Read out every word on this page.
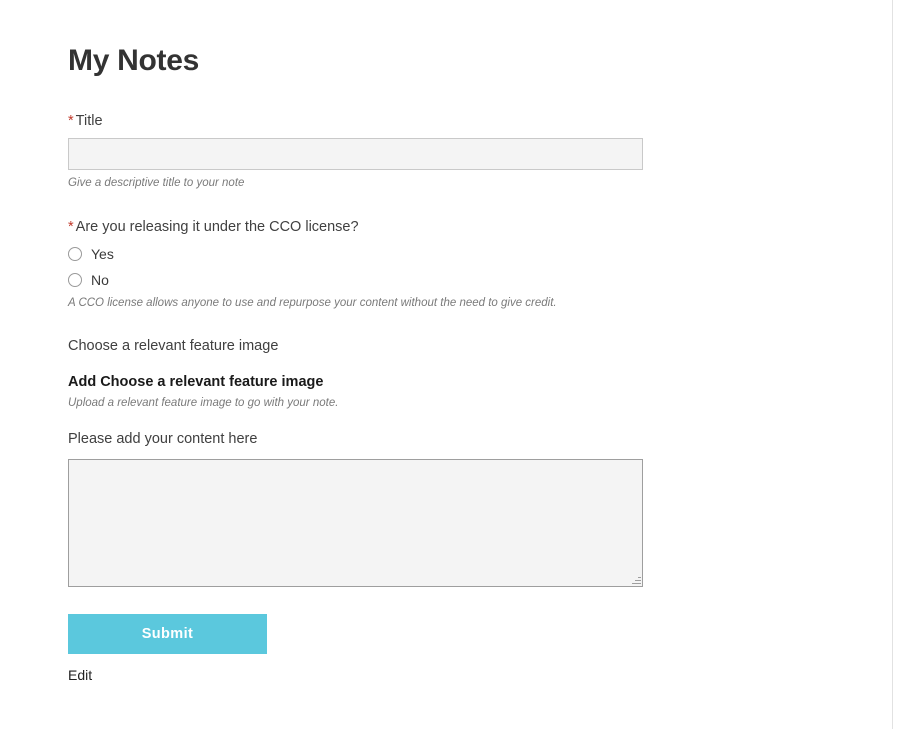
My Notes
* Title
Give a descriptive title to your note
* Are you releasing it under the CCO license?
Yes
No
A CCO license allows anyone to use and repurpose your content without the need to give credit.
Choose a relevant feature image
Add Choose a relevant feature image
Upload a relevant feature image to go with your note.
Please add your content here
Submit
Edit
